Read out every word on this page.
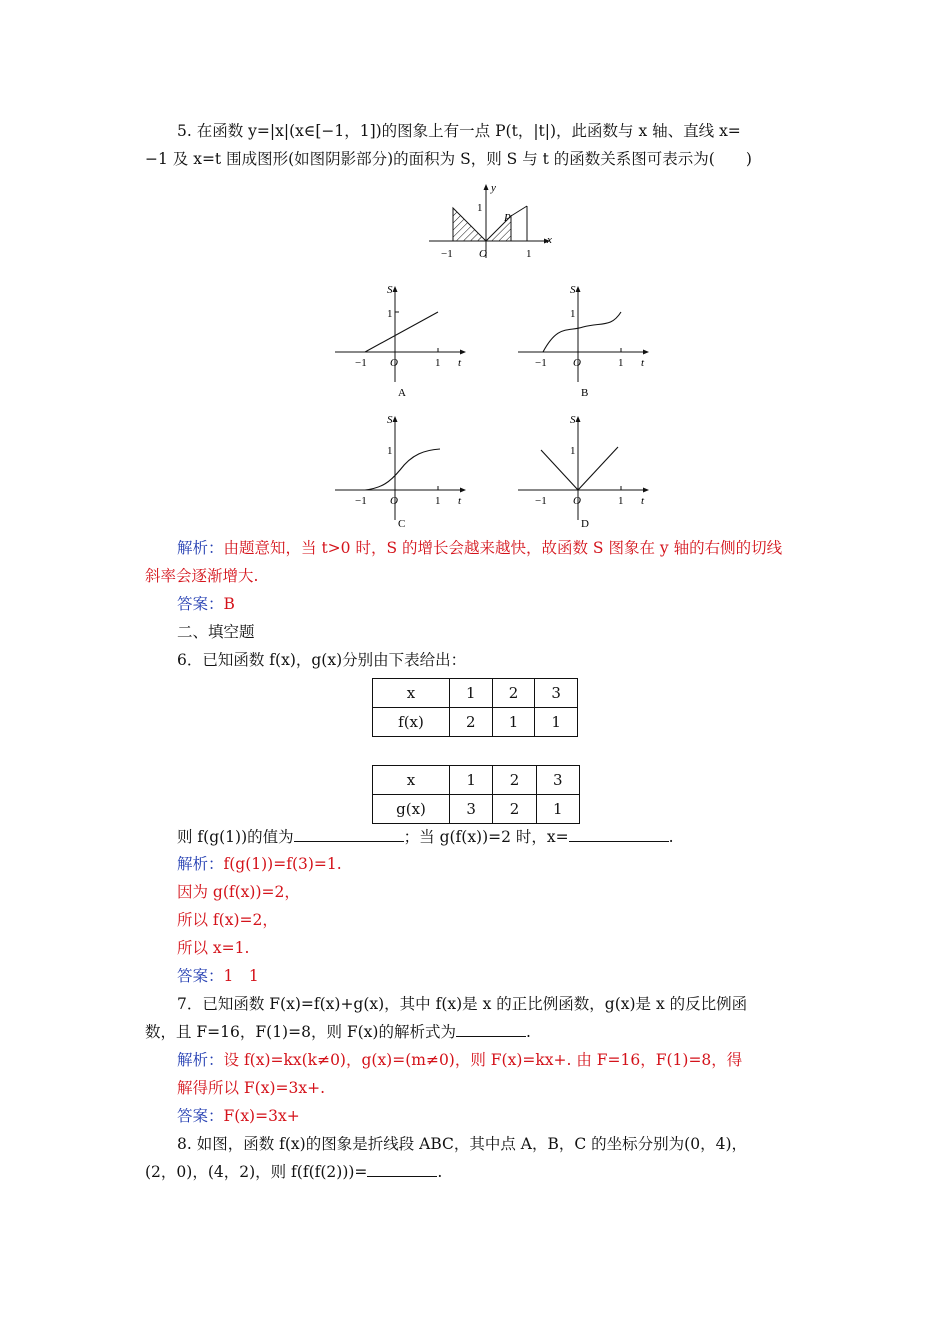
5. 在函数 y=|x|(x∈[−1，1])的图象上有一点 P(t，|t|)，此函数与 x 轴、直线 x=
−1 及 x=t 围成图形(如图阴影部分)的面积为 S，则 S 与 t 的函数关系图可表示为(　　)
y
x
P
1
O
−1	1
S
1
O
−1	1 t
A
S
1
O
−1	1 t
B
S
1
O
−1	1 t
C
S
1
O
−1	1 t
D
解析：由题意知，当 t>0 时，S 的增长会越来越快，故函数 S 图象在 y 轴的右侧的切线
斜率会逐渐增大.
答案：B
二、填空题
6．已知函数 f(x)，g(x)分别由下表给出：
x	1	2	3
f(x)	2	1	1
x	1	2	3
g(x)	3	2	1
则 f(g(1))的值为	；当 g(f(x))=2 时，x=	.
解析：f(g(1))=f(3)=1.
因为 g(f(x))=2，
所以 f(x)=2，
所以 x=1.
答案：1　1
7．已知函数 F(x)=f(x)+g(x)，其中 f(x)是 x 的正比例函数，g(x)是 x 的反比例函
数，且 F=16，F(1)=8，则 F(x)的解析式为	.
解析：设 f(x)=kx(k≠0)，g(x)=(m≠0)，则 F(x)=kx+. 由 F=16，F(1)=8，得
解得所以 F(x)=3x+.
答案：F(x)=3x+
8. 如图，函数 f(x)的图象是折线段 ABC，其中点 A，B，C 的坐标分别为(0，4)，
(2，0)，(4，2)，则 f(f(f(2)))=	.
